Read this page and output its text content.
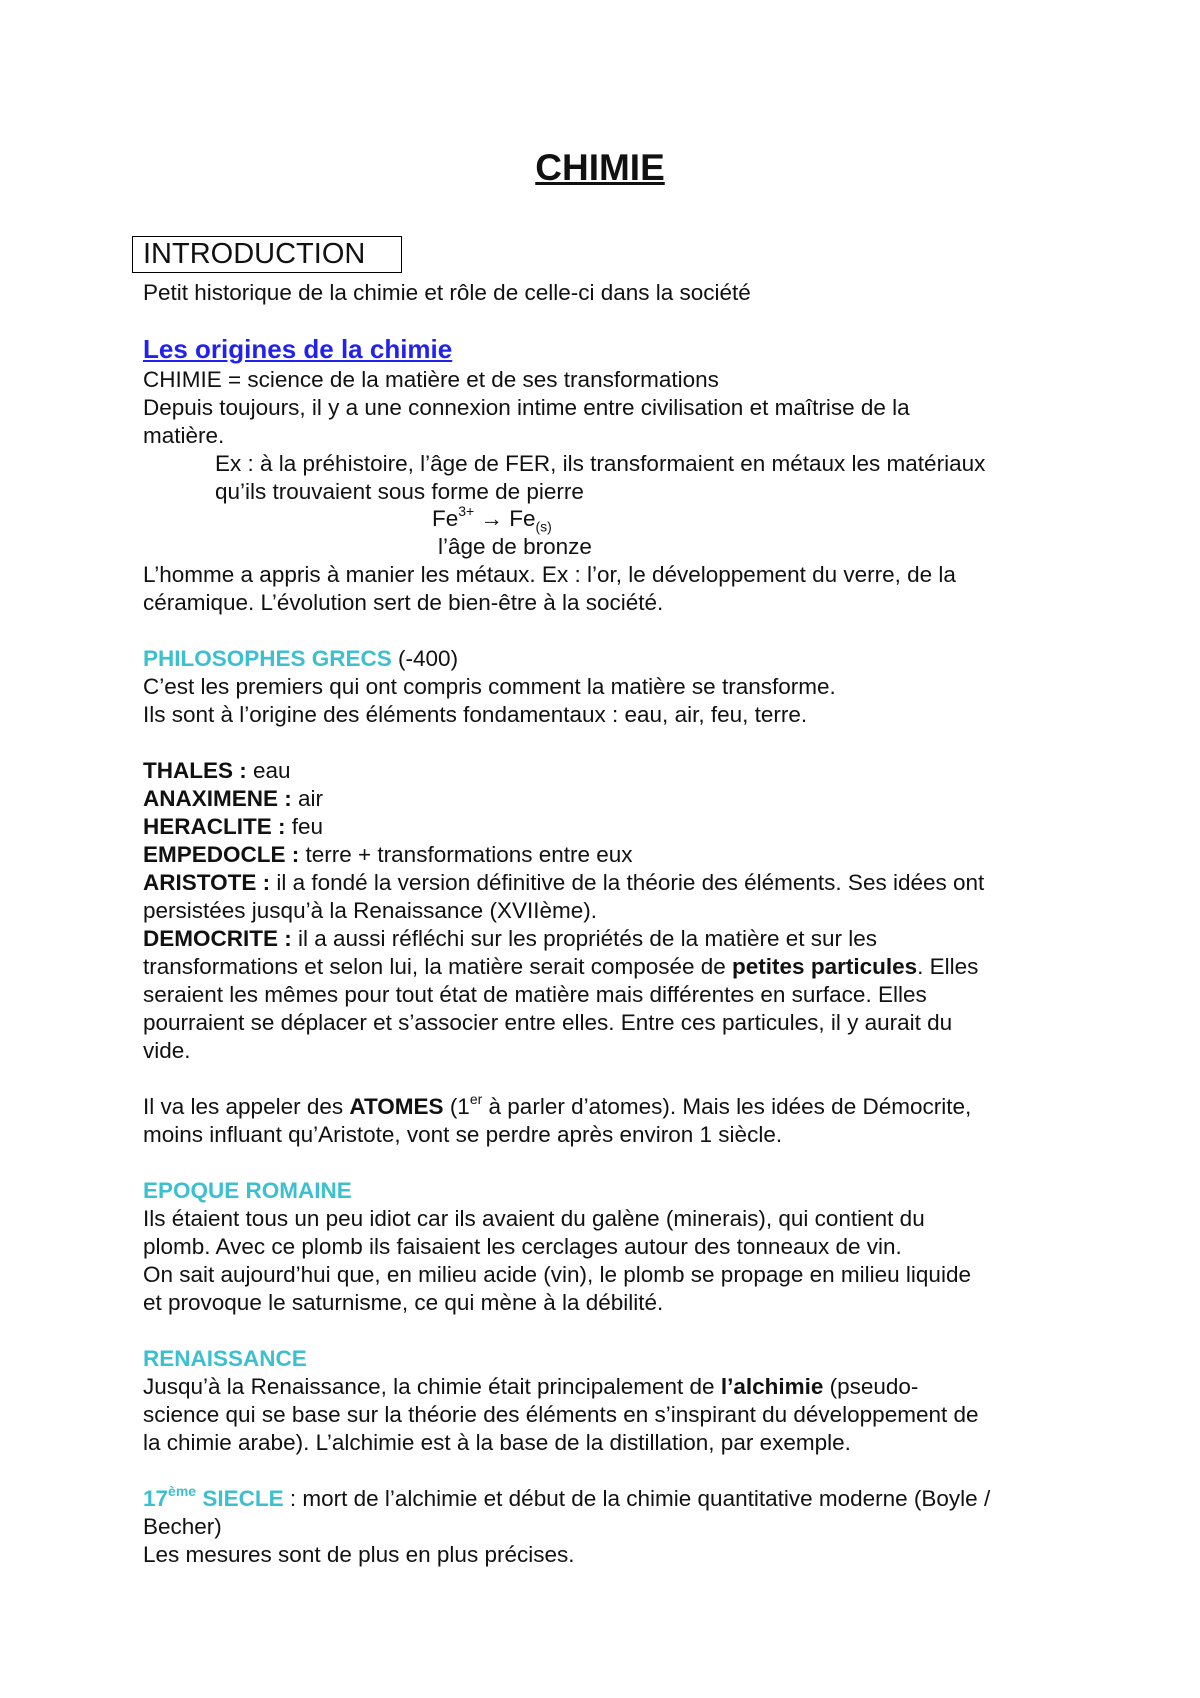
CHIMIE
INTRODUCTION
Petit historique de la chimie et rôle de celle-ci dans la société
Les origines de la chimie
CHIMIE = science de la matière et de ses transformations
Depuis toujours, il y a une connexion intime entre civilisation et maîtrise de la
matière.
Ex : à la préhistoire, l’âge de FER, ils transformaient en métaux les matériaux
qu’ils trouvaient sous forme de pierre
$Fe^{3+} \to Fe_{(s)}$
l’âge de bronze
L’homme a appris à manier les métaux. Ex : l’or, le développement du verre, de la
céramique. L’évolution sert de bien-être à la société.
PHILOSOPHES GRECS (-400)
C’est les premiers qui ont compris comment la matière se transforme.
Ils sont à l’origine des éléments fondamentaux : eau, air, feu, terre.
THALES : eau
ANAXIMENE : air
HERACLITE : feu
EMPEDOCLE : terre + transformations entre eux
ARISTOTE : il a fondé la version définitive de la théorie des éléments. Ses idées ont
persistées jusqu’à la Renaissance (XVIIème).
DEMOCRITE : il a aussi réfléchi sur les propriétés de la matière et sur les
transformations et selon lui, la matière serait composée de petites particules. Elles
seraient les mêmes pour tout état de matière mais différentes en surface. Elles
pourraient se déplacer et s’associer entre elles. Entre ces particules, il y aurait du
vide.
Il va les appeler des ATOMES (1er à parler d’atomes). Mais les idées de Démocrite,
moins influant qu’Aristote, vont se perdre après environ 1 siècle.
EPOQUE ROMAINE
Ils étaient tous un peu idiot car ils avaient du galène (minerais), qui contient du
plomb. Avec ce plomb ils faisaient les cerclages autour des tonneaux de vin.
On sait aujourd’hui que, en milieu acide (vin), le plomb se propage en milieu liquide
et provoque le saturnisme, ce qui mène à la débilité.
RENAISSANCE
Jusqu’à la Renaissance, la chimie était principalement de l’alchimie (pseudo-
science qui se base sur la théorie des éléments en s’inspirant du développement de
la chimie arabe). L’alchimie est à la base de la distillation, par exemple.
17ème SIECLE : mort de l’alchimie et début de la chimie quantitative moderne (Boyle /
Becher)
Les mesures sont de plus en plus précises.
